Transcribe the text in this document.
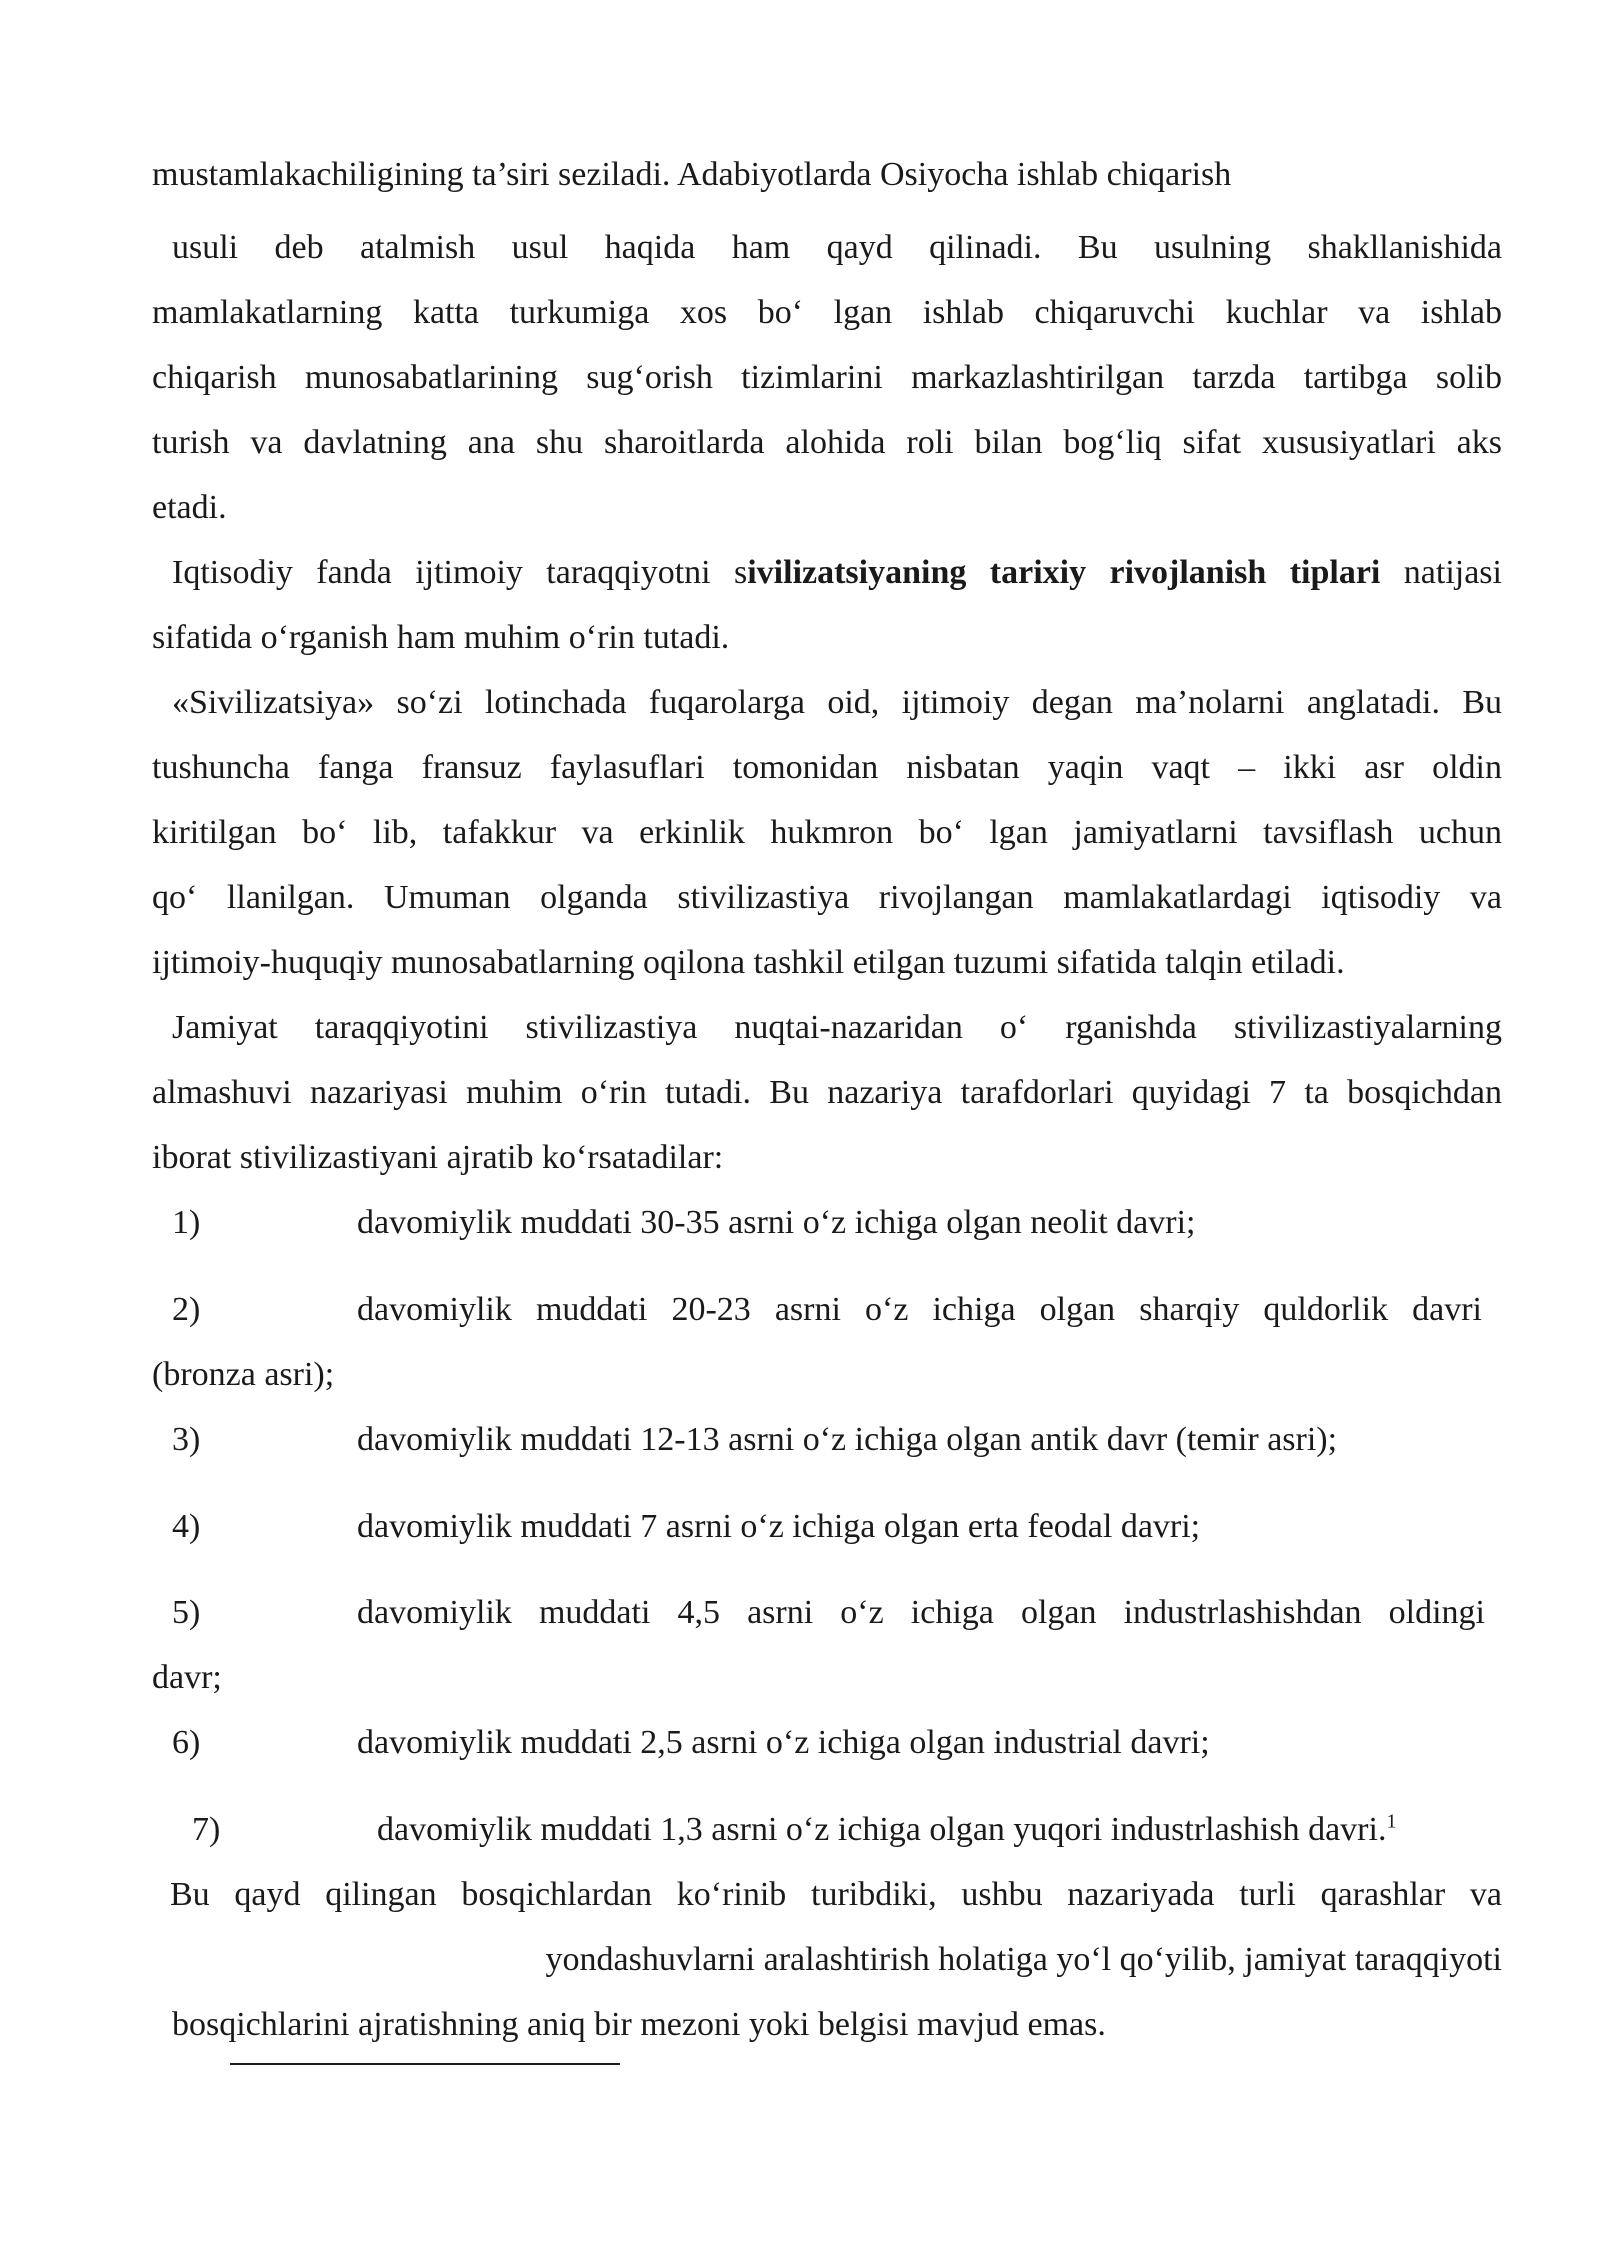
mustamlakachiligining ta’siri seziladi. Adabiyotlarda Osiyocha ishlab chiqarish
usuli deb atalmish usul haqida ham qayd qilinadi. Bu usulning shakllanishida
mamlakatlarning katta turkumiga xos bo‘ lgan ishlab chiqaruvchi kuchlar va ishlab
chiqarish munosabatlarining sug‘orish tizimlarini markazlashtirilgan tarzda tartibga solib
turish va davlatning ana shu sharoitlarda alohida roli bilan bog‘liq sifat xususiyatlari aks
etadi.
Iqtisodiy fanda ijtimoiy taraqqiyotni sivilizatsiyaning tarixiy rivojlanish tiplari natijasi
sifatida o‘rganish ham muhim o‘rin tutadi.
«Sivilizatsiya» so‘zi lotinchada fuqarolarga oid, ijtimoiy degan ma’nolarni anglatadi. Bu
tushuncha fanga fransuz faylasuflari tomonidan nisbatan yaqin vaqt – ikki asr oldin
kiritilgan bo‘ lib, tafakkur va erkinlik hukmron bo‘ lgan jamiyatlarni tavsiflash uchun
qo‘ llanilgan. Umuman olganda stivilizastiya rivojlangan mamlakatlardagi iqtisodiy va
ijtimoiy-huquqiy munosabatlarning oqilona tashkil etilgan tuzumi sifatida talqin etiladi.
Jamiyat taraqqiyotini stivilizastiya nuqtai-nazaridan o‘ rganishda stivilizastiyalarning
almashuvi nazariyasi muhim o‘rin tutadi. Bu nazariya tarafdorlari quyidagi 7 ta bosqichdan
iborat stivilizastiyani ajratib ko‘rsatadilar:
1)	davomiylik muddati 30-35 asrni o‘z ichiga olgan neolit davri;
2)	davomiylik muddati 20-23 asrni o‘z ichiga olgan sharqiy quldorlik davri
(bronza asri);
3)	davomiylik muddati 12-13 asrni o‘z ichiga olgan antik davr (temir asri);
4)	davomiylik muddati 7 asrni o‘z ichiga olgan erta feodal davri;
5)	davomiylik muddati 4,5 asrni o‘z ichiga olgan industrlashishdan oldingi
davr;
6)	davomiylik muddati 2,5 asrni o‘z ichiga olgan industrial davri;
7)	davomiylik muddati 1,3 asrni o‘z ichiga olgan yuqori industrlashish davri.$^1$
Bu qayd qilingan bosqichlardan ko‘rinib turibdiki, ushbu nazariyada turli qarashlar va
yondashuvlarni aralashtirish holatiga yo‘l qo‘yilib, jamiyat taraqqiyoti
bosqichlarini ajratishning aniq bir mezoni yoki belgisi mavjud emas.
